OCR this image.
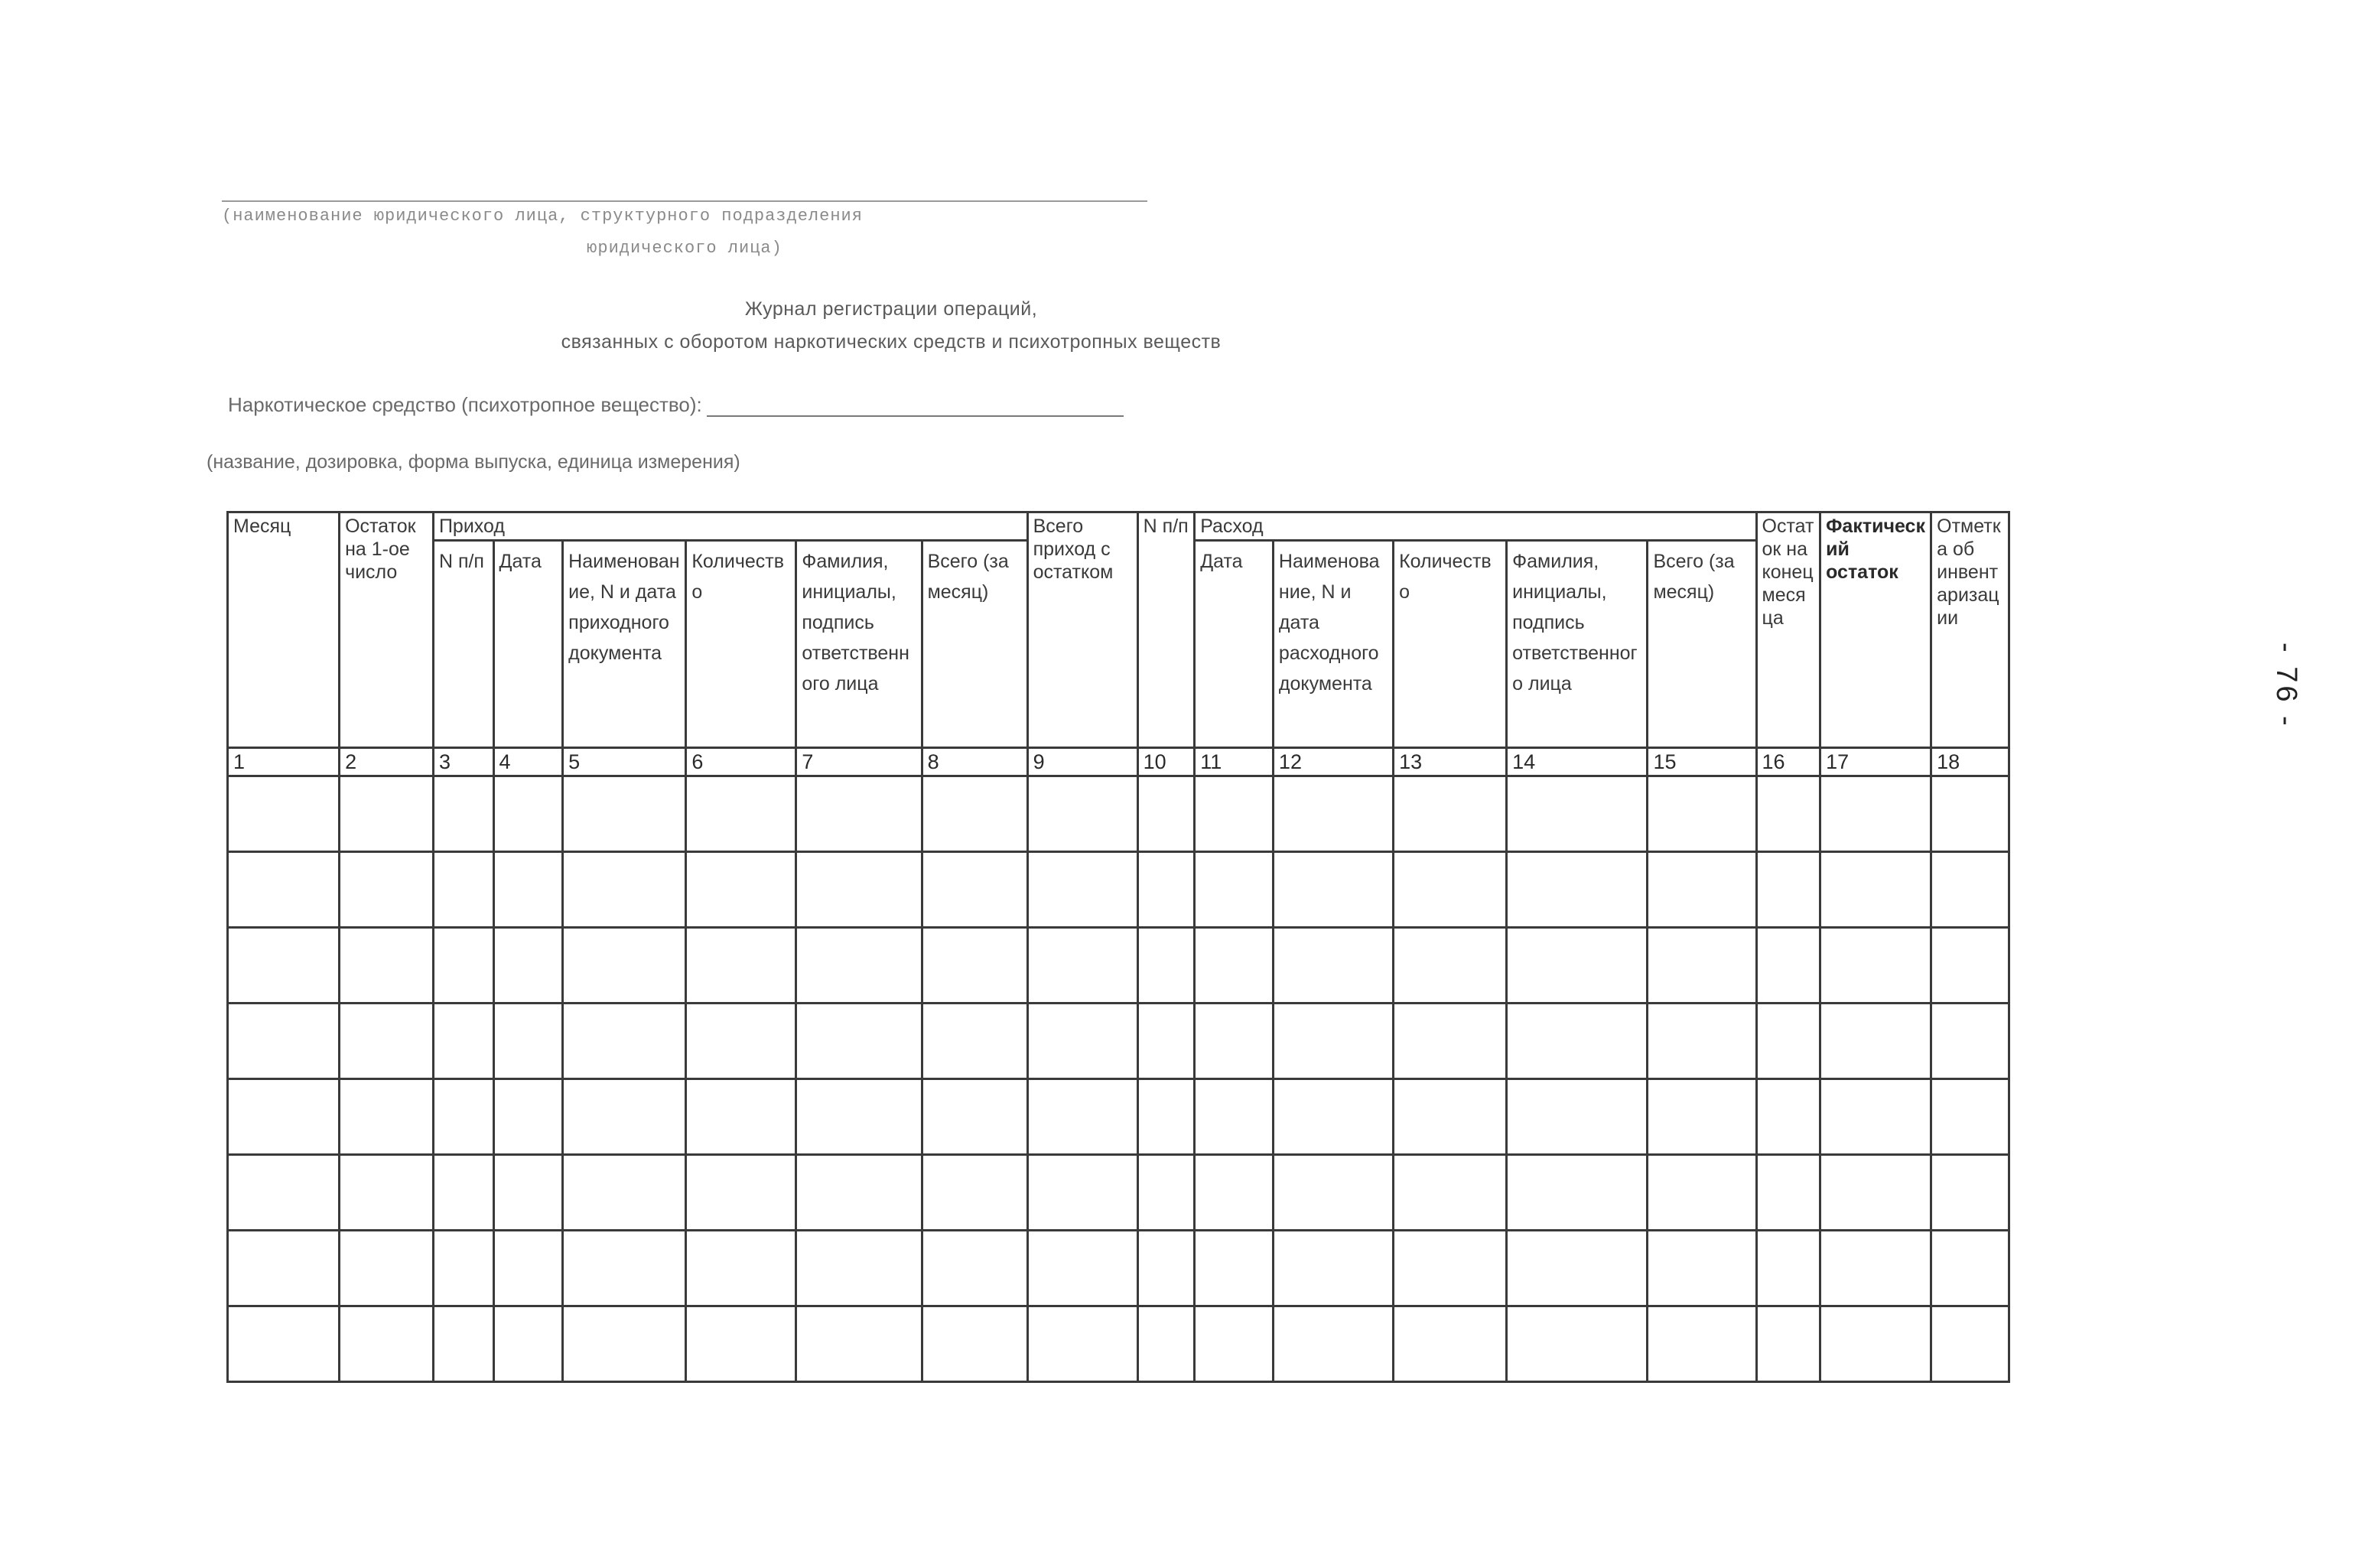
(наименование юридического лица, структурного подразделения
юридического лица)
Журнал регистрации операций,
связанных с оборотом наркотических средств и психотропных веществ
Наркотическое средство (психотропное вещество):
(название, дозировка, форма выпуска, единица измерения)
- 76 -
Месяц	Остаток на 1-ое число	Приход						Всего приход с остатком	N п/п	Расход					Остаток на конец месяца	Фактический остаток	Отметка об инвентаризации
		N п/п	Дата	Наименование, N и дата приходного документа	Количество	Фамилия, инициалы, подпись ответственного лица	Всего (за месяц)			Дата	Наименование, N и дата расходного документа	Количество	Фамилия, инициалы, подпись ответственного лица	Всего (за месяц)			
1	2	3	4	5	6	7	8	9	10	11	12	13	14	15	16	17	18
